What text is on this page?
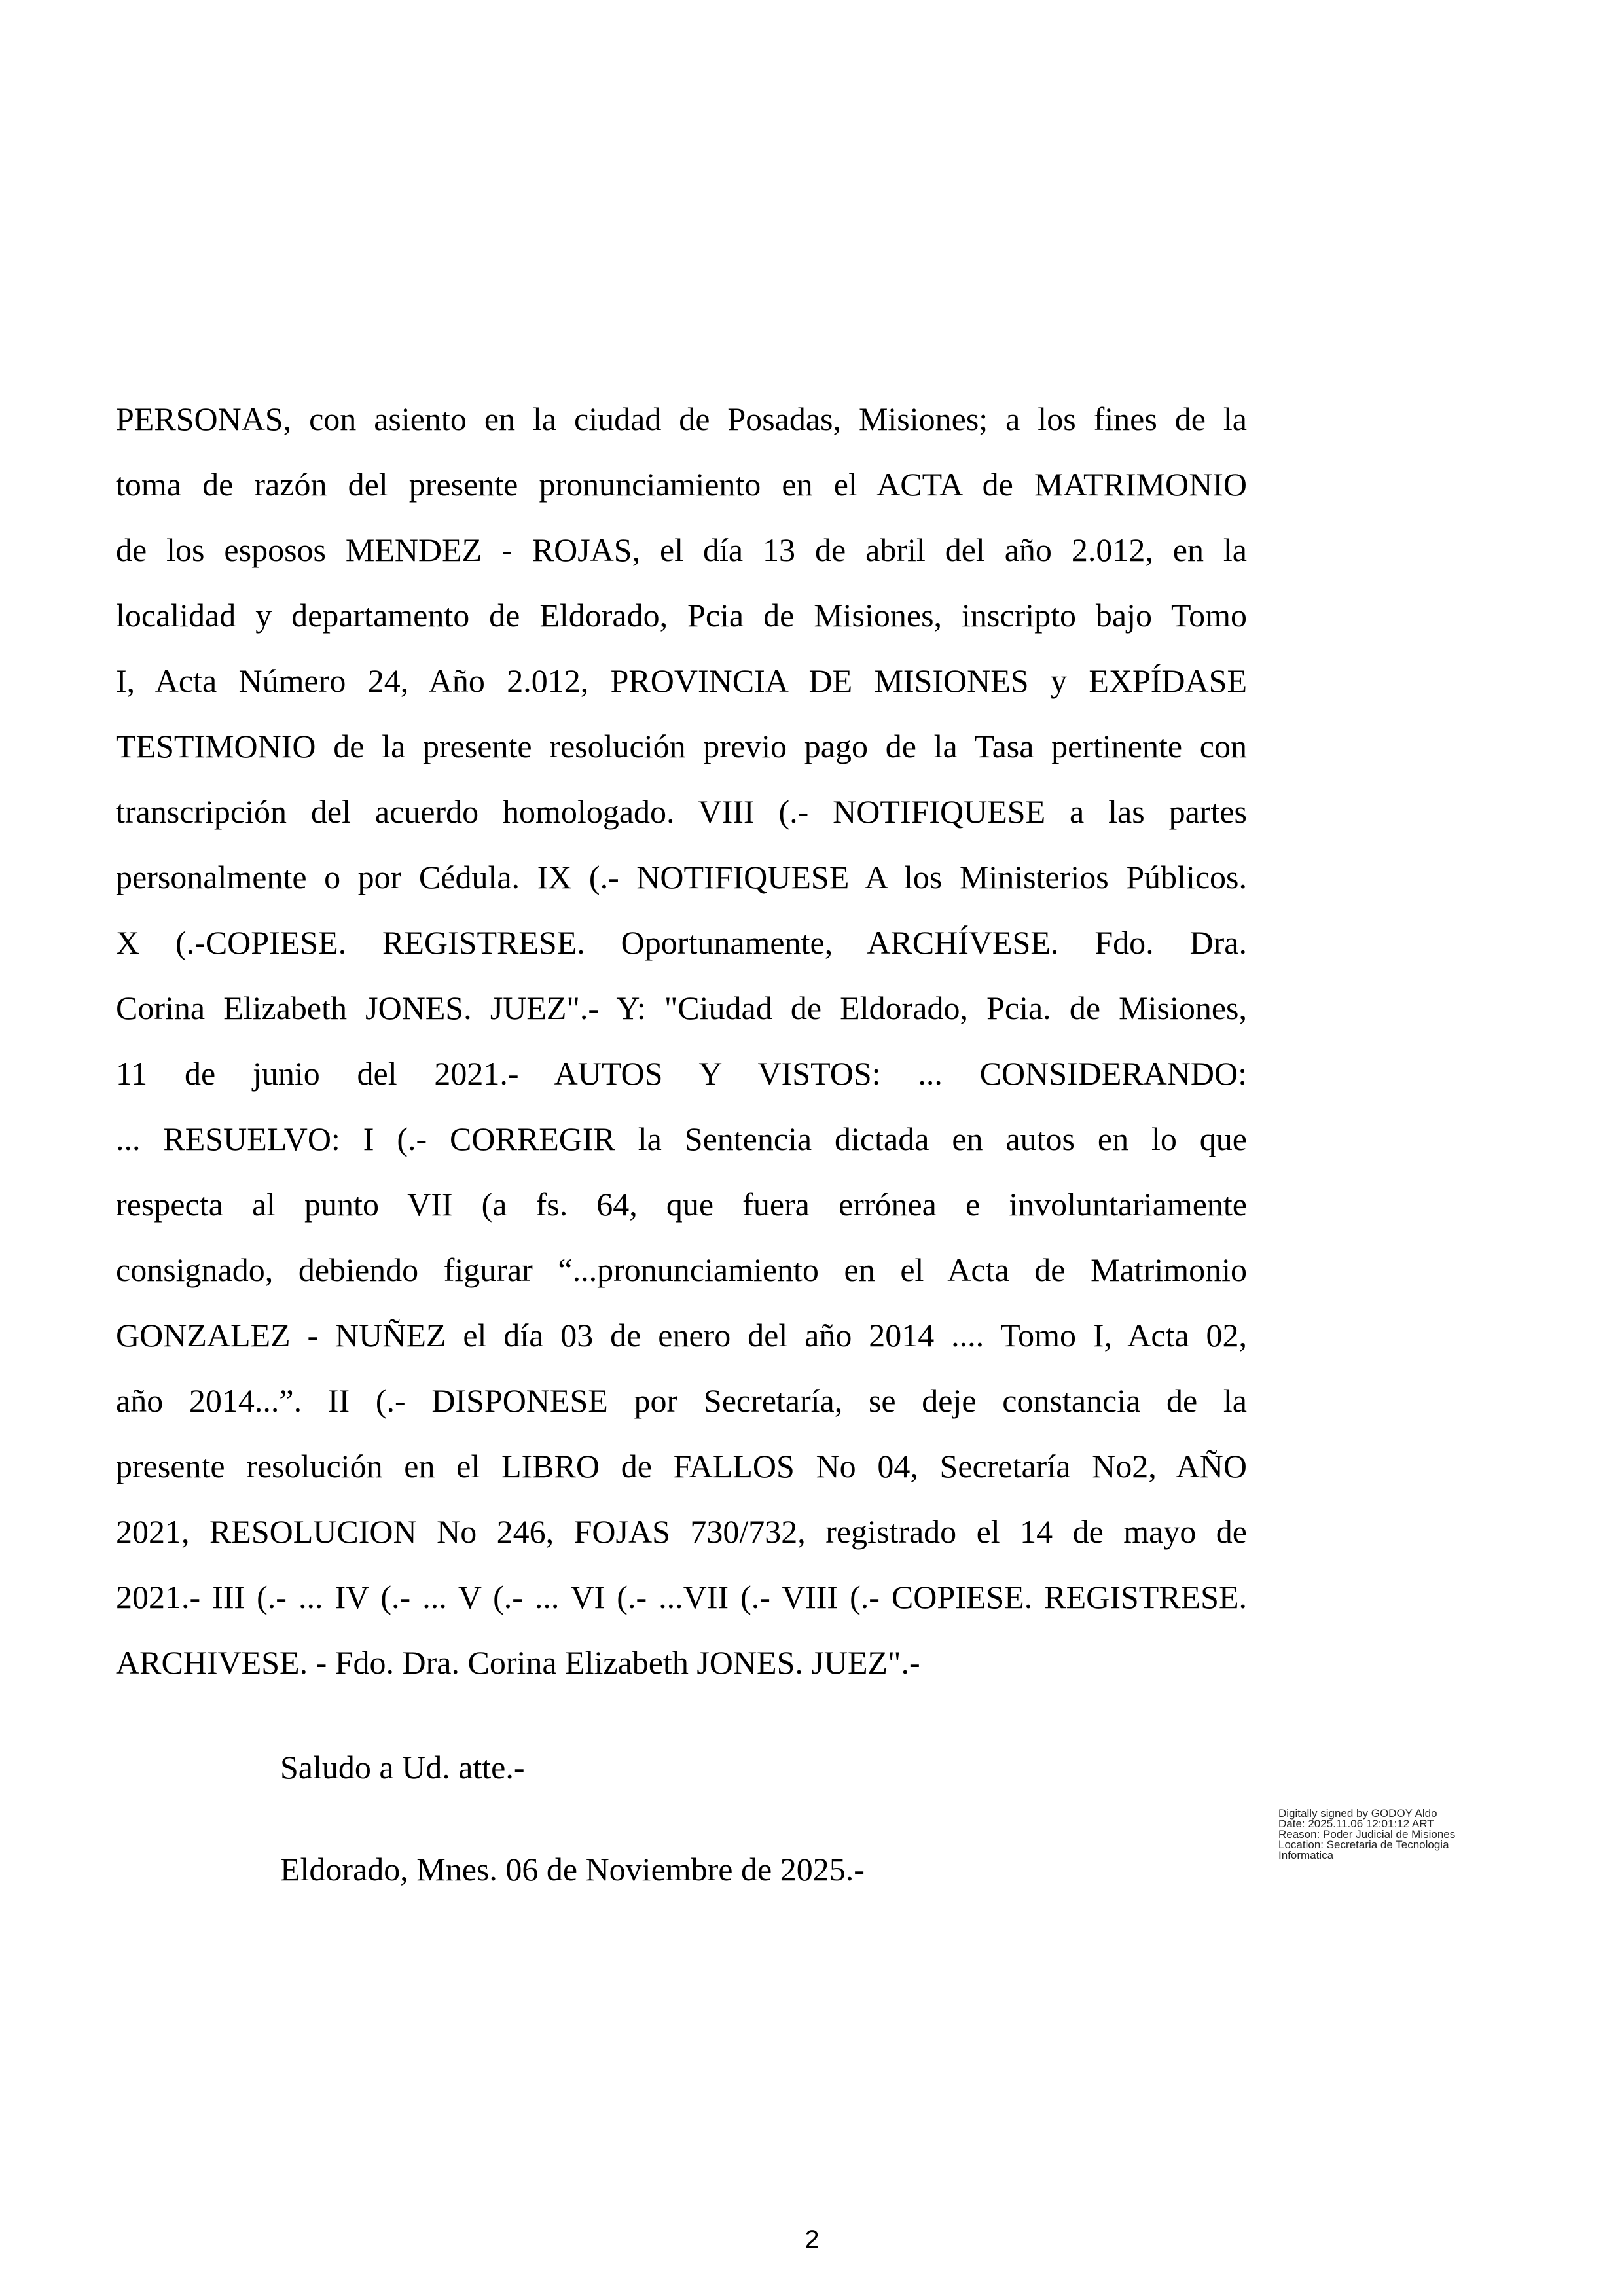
PERSONAS, con asiento en la ciudad de Posadas, Misiones; a los fines de la
toma de razón del presente pronunciamiento en el ACTA de MATRIMONIO
de los esposos MENDEZ - ROJAS, el día 13 de abril del año 2.012, en la
localidad y departamento de Eldorado, Pcia de Misiones, inscripto bajo Tomo
I, Acta Número 24, Año 2.012, PROVINCIA DE MISIONES y EXPÍDASE
TESTIMONIO de la presente resolución previo pago de la Tasa pertinente con
transcripción del acuerdo homologado. VIII (.- NOTIFIQUESE a las partes
personalmente o por Cédula. IX (.- NOTIFIQUESE A los Ministerios Públicos.
X (.-COPIESE. REGISTRESE. Oportunamente, ARCHÍVESE. Fdo. Dra.
Corina Elizabeth JONES. JUEZ".- Y: "Ciudad de Eldorado, Pcia. de Misiones,
11 de junio del 2021.- AUTOS Y VISTOS: ... CONSIDERANDO:
... RESUELVO: I (.- CORREGIR la Sentencia dictada en autos en lo que
respecta al punto VII (a fs. 64, que fuera errónea e involuntariamente
consignado, debiendo figurar “...pronunciamiento en el Acta de Matrimonio
GONZALEZ - NUÑEZ el día 03 de enero del año 2014 .... Tomo I, Acta 02,
año 2014...”. II (.- DISPONESE por Secretaría, se deje constancia de la
presente resolución en el LIBRO de FALLOS No 04, Secretaría No2, AÑO
2021, RESOLUCION No 246, FOJAS 730/732, registrado el 14 de mayo de
2021.- III (.- ... IV (.- ... V (.- ... VI (.- ...VII (.- VIII (.- COPIESE. REGISTRESE.
ARCHIVESE. - Fdo. Dra. Corina Elizabeth JONES. JUEZ".-

Saludo a Ud. atte.-

Eldorado, Mnes. 06 de Noviembre de 2025.-

Digitally signed by GODOY Aldo
Date: 2025.11.06 12:01:12 ART
Reason: Poder Judicial de Misiones
Location: Secretaria de Tecnologia
Informatica

2
